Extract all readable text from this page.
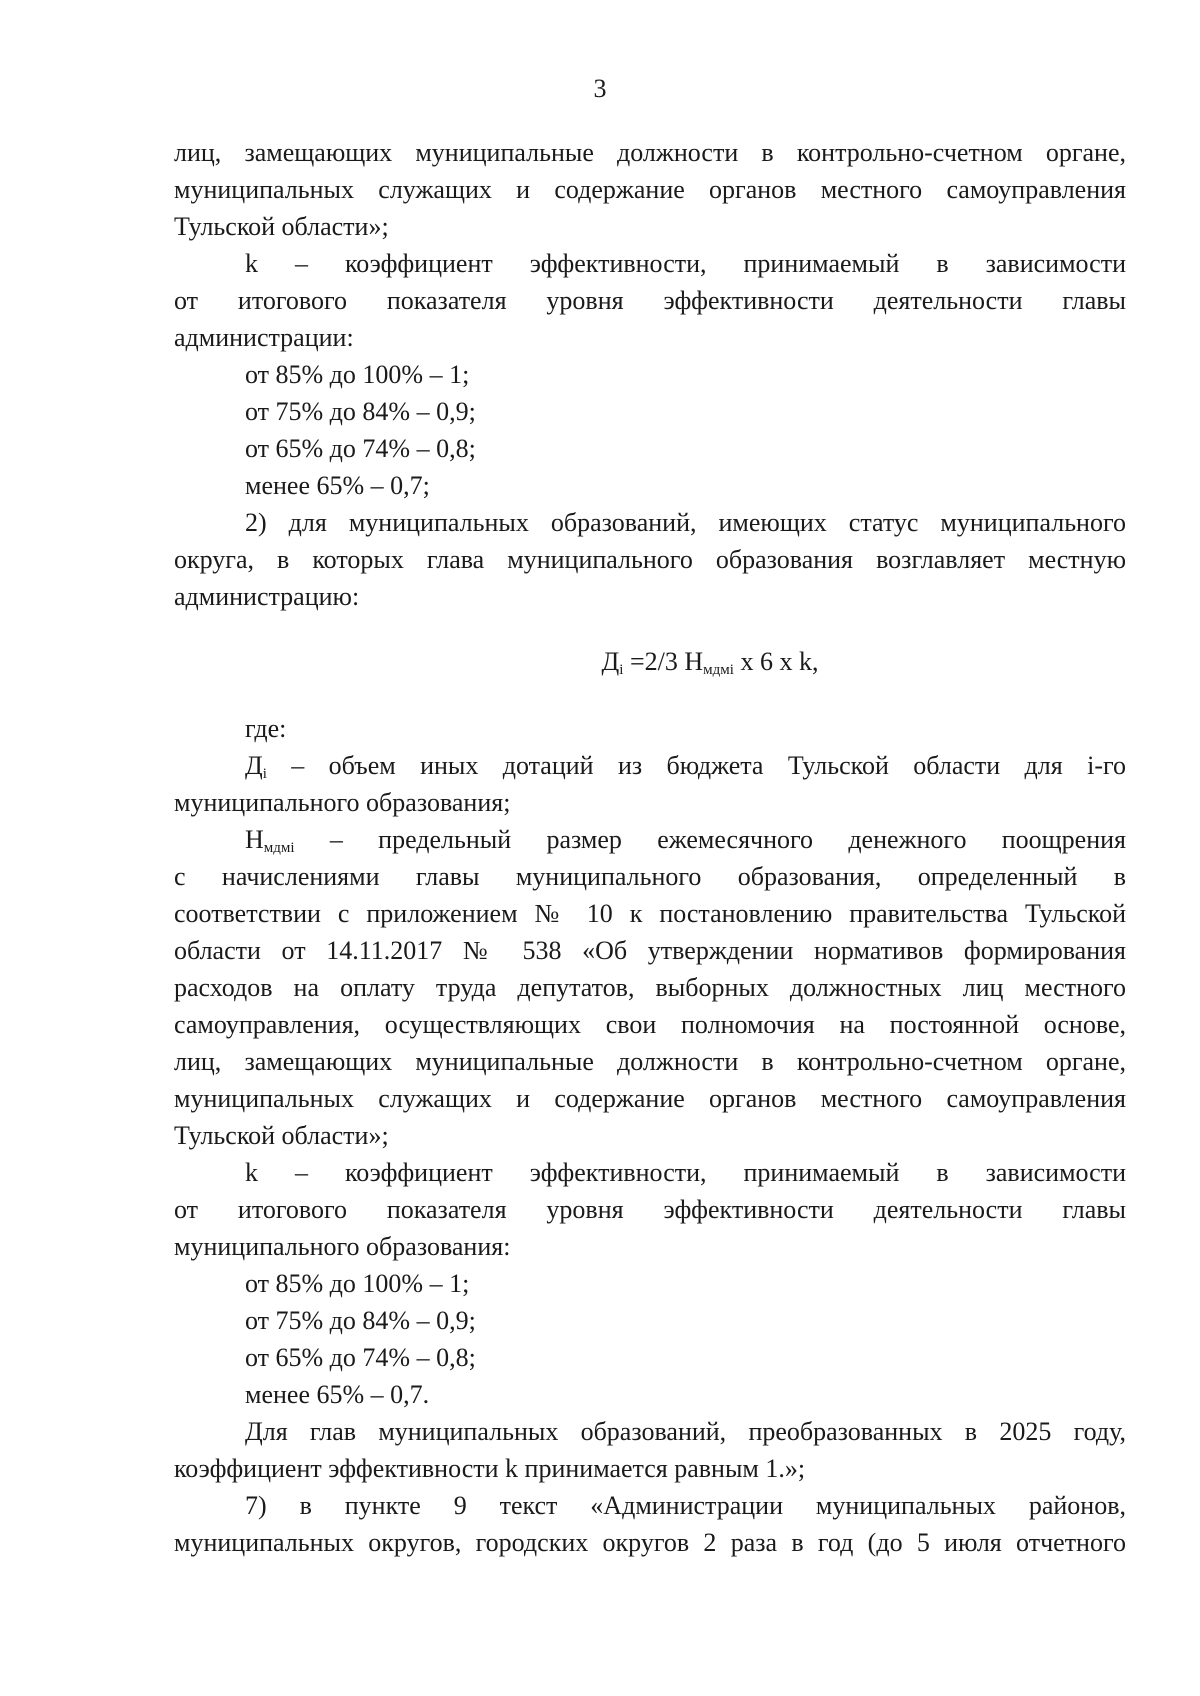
3

лиц, замещающих муниципальные должности в контрольно-счетном органе,
муниципальных служащих и содержание органов местного самоуправления
Тульской области»;

k – коэффициент эффективности, принимаемый в зависимости
от итогового показателя уровня эффективности деятельности главы
администрации:

от 85% до 100% – 1;

от 75% до 84% – 0,9;

от 65% до 74% – 0,8;

менее 65% – 0,7;

2) для муниципальных образований, имеющих статус муниципального
округа, в которых глава муниципального образования возглавляет местную
администрацию:

$Д_i =2/3$ $Н_{мдмi}$ х 6 х k,

где:

$Д_i$ – объем иных дотаций из бюджета Тульской области для i-го
муниципального образования;

$Н_{мдмi}$ – предельный размер ежемесячного денежного поощрения
с начислениями главы муниципального образования, определенный в
соответствии с приложением № 10 к постановлению правительства Тульской
области от 14.11.2017 № 538 «Об утверждении нормативов формирования
расходов на оплату труда депутатов, выборных должностных лиц местного
самоуправления, осуществляющих свои полномочия на постоянной основе,
лиц, замещающих муниципальные должности в контрольно-счетном органе,
муниципальных служащих и содержание органов местного самоуправления
Тульской области»;

k – коэффициент эффективности, принимаемый в зависимости
от итогового показателя уровня эффективности деятельности главы
муниципального образования:

от 85% до 100% – 1;

от 75% до 84% – 0,9;

от 65% до 74% – 0,8;

менее 65% – 0,7.

Для глав муниципальных образований, преобразованных в 2025 году,
коэффициент эффективности k принимается равным 1.»;

7) в пункте 9 текст «Администрации муниципальных районов,
муниципальных округов, городских округов 2 раза в год (до 5 июля отчетного
